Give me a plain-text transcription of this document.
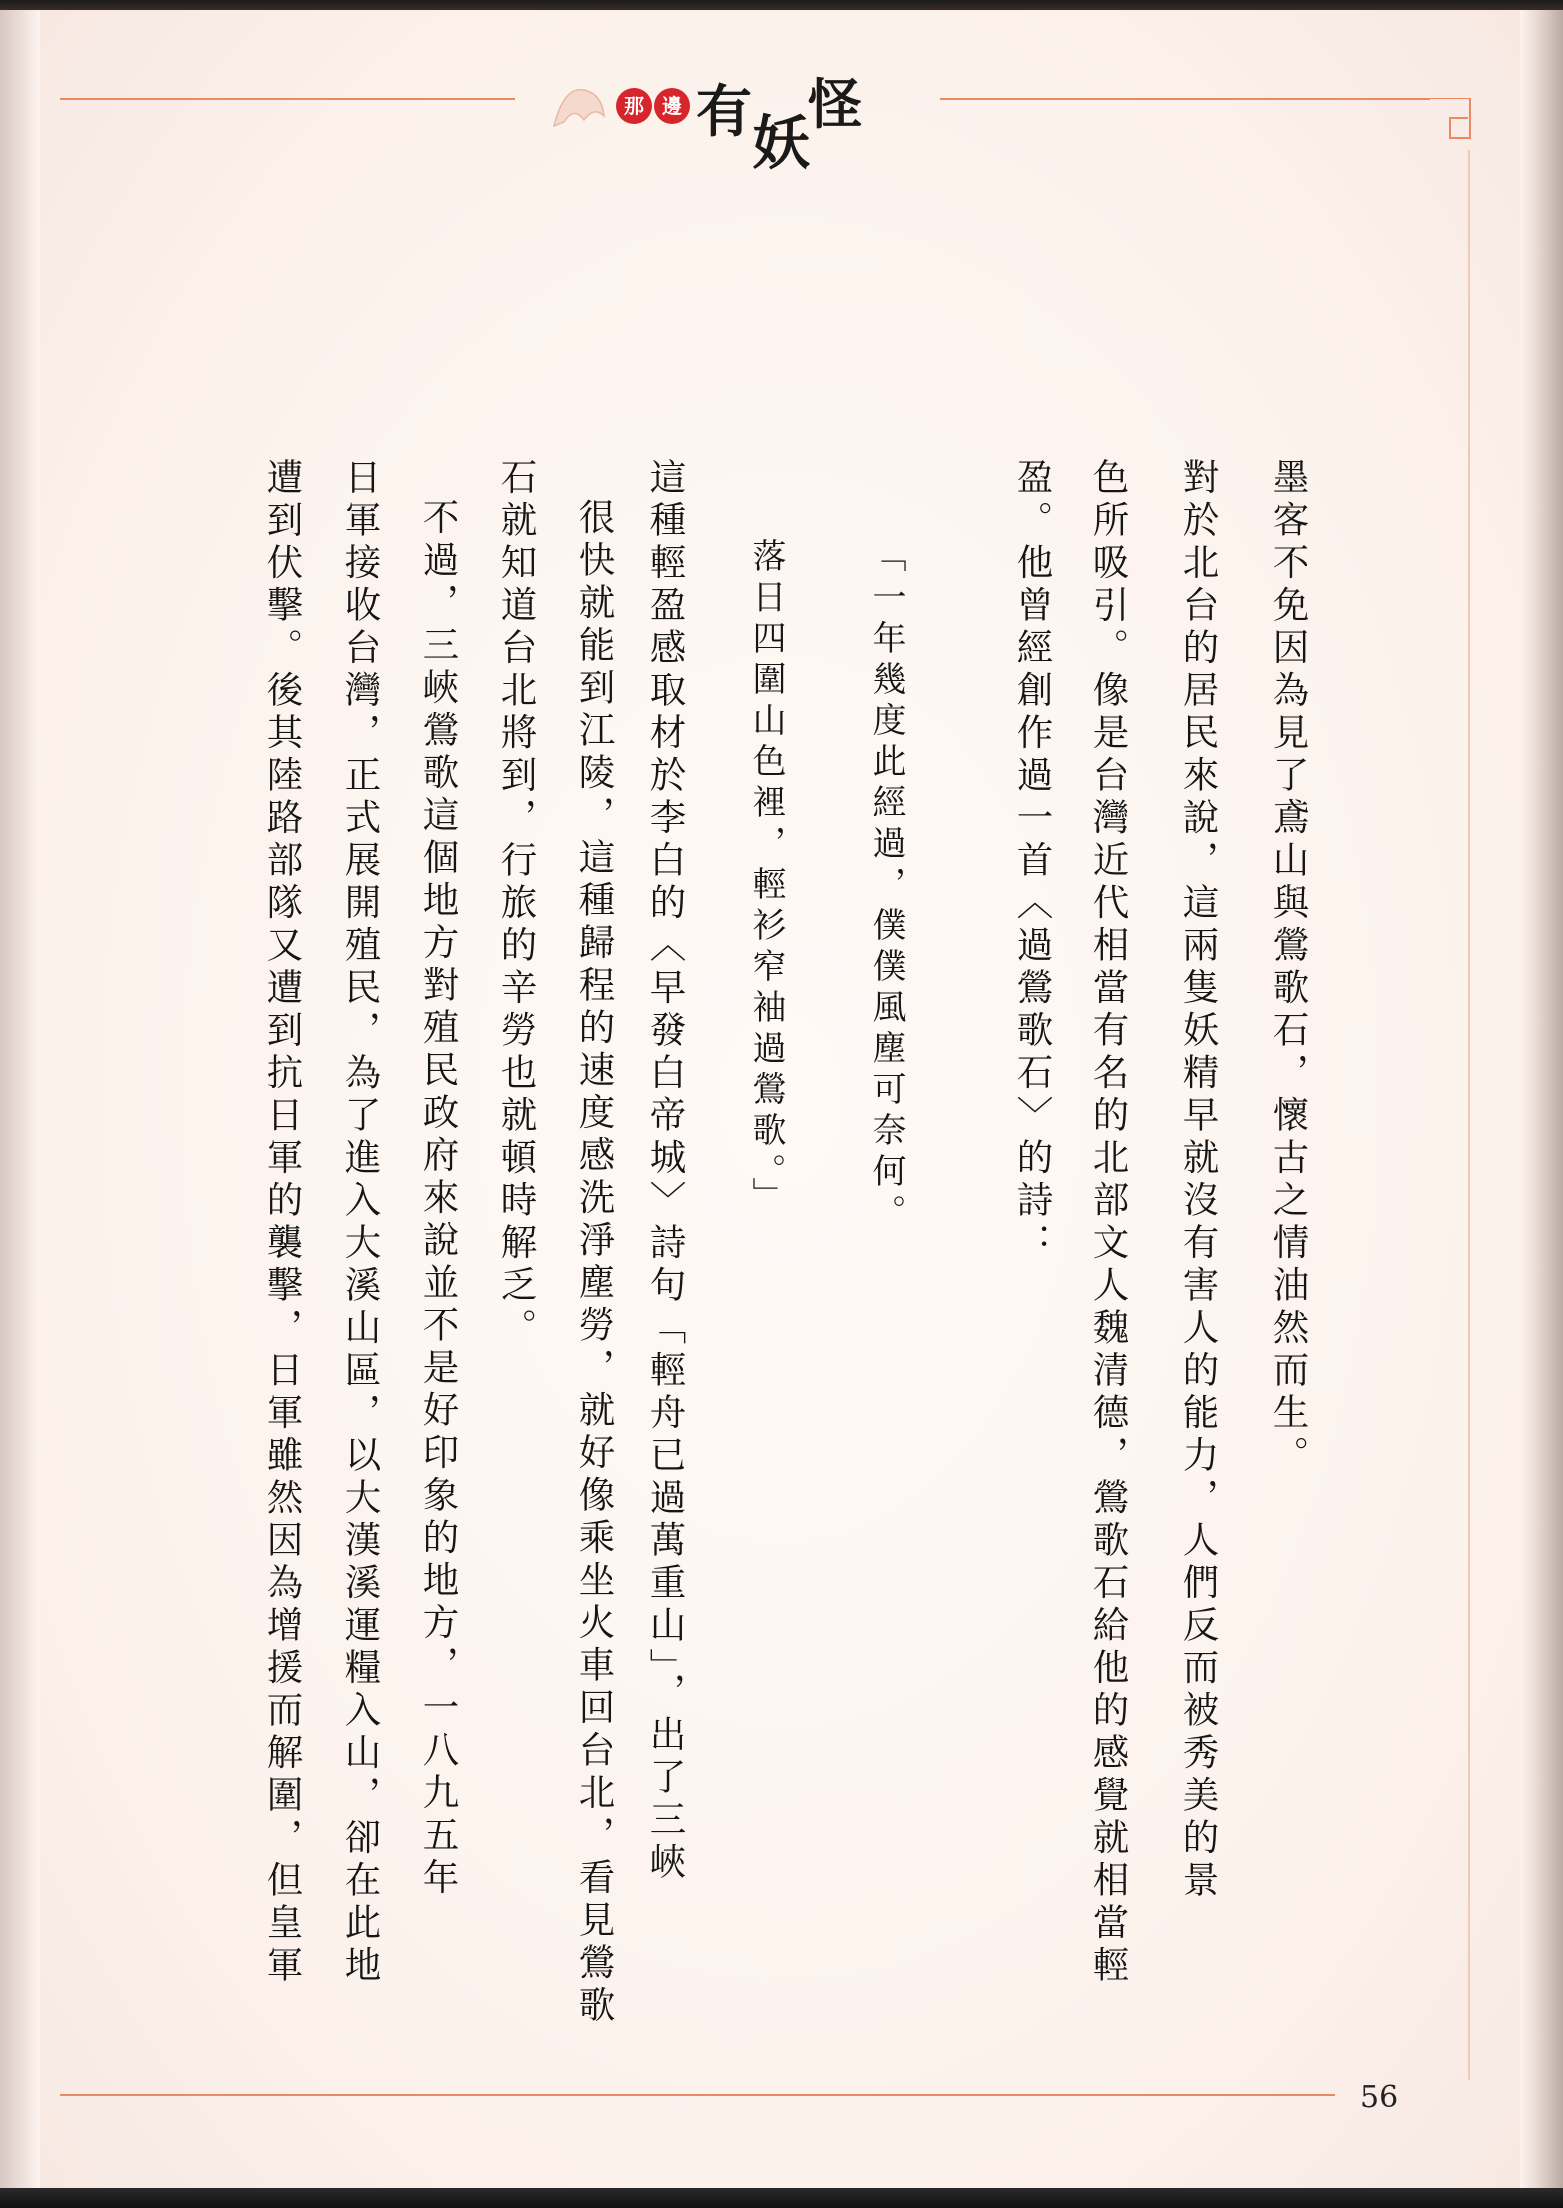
那 邊 有 妖
怪
墨客不免因為見了鳶山與鶯歌石，懷古之情油然而生。
對於北台的居民來說，這兩隻妖精早就沒有害人的能力，人們反而被秀美的景
色所吸引。像是台灣近代相當有名的北部文人魏清德，鶯歌石給他的感覺就相當輕
盈。他曾經創作過一首〈過鶯歌石〉的詩：
「一年幾度此經過，僕僕風塵可奈何。
落日四圍山色裡，輕衫窄袖過鶯歌。」
這種輕盈感取材於李白的〈早發白帝城〉詩句「輕舟已過萬重山」，出了三峽
很快就能到江陵，這種歸程的速度感洗淨塵勞，就好像乘坐火車回台北，看見鶯歌
石就知道台北將到，行旅的辛勞也就頓時解乏。
不過，三峽鶯歌這個地方對殖民政府來說並不是好印象的地方，一八九五年
日軍接收台灣，正式展開殖民，為了進入大溪山區，以大漢溪運糧入山，卻在此地
遭到伏擊。後其陸路部隊又遭到抗日軍的襲擊，日軍雖然因為增援而解圍，但皇軍
56
